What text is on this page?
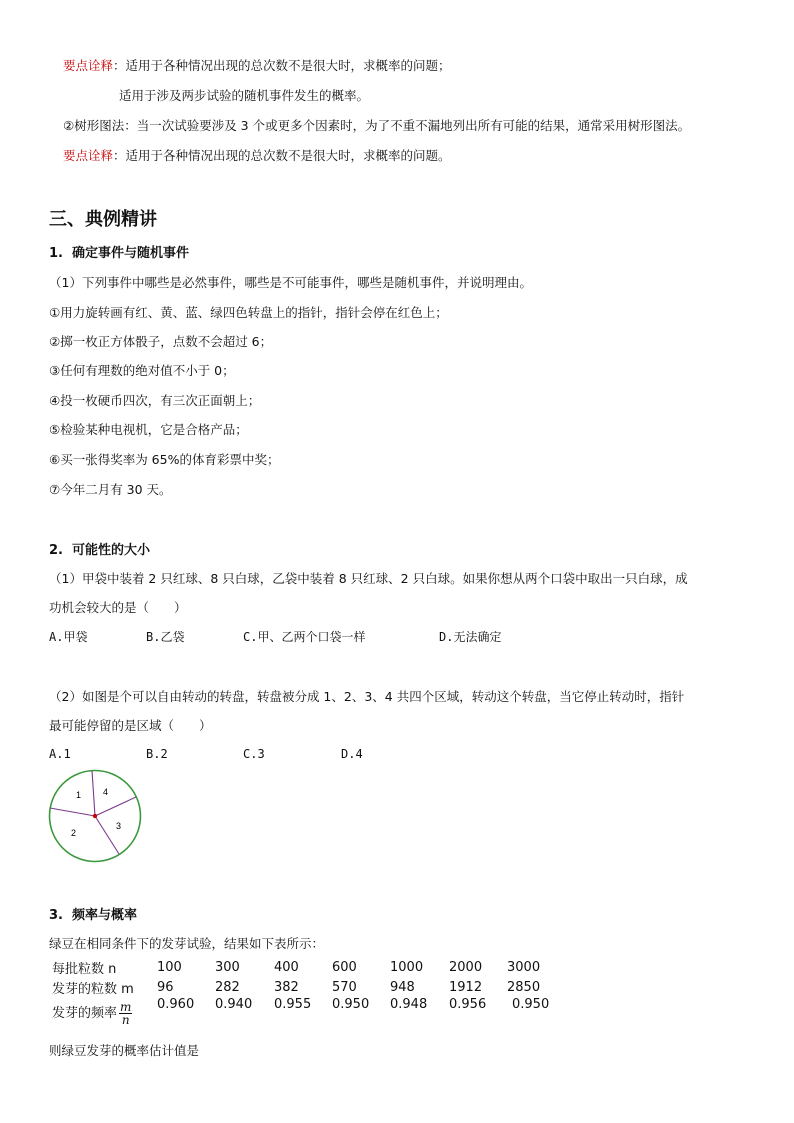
要点诠释：适用于各种情况出现的总次数不是很大时，求概率的问题；
适用于涉及两步试验的随机事件发生的概率。
②树形图法：当一次试验要涉及 3 个或更多个因素时，为了不重不漏地列出所有可能的结果，通常采用树形图法。
要点诠释：适用于各种情况出现的总次数不是很大时，求概率的问题。
三、典例精讲
1. 确定事件与随机事件
（1）下列事件中哪些是必然事件，哪些是不可能事件，哪些是随机事件，并说明理由。
①用力旋转画有红、黄、蓝、绿四色转盘上的指针，指针会停在红色上；
②掷一枚正方体骰子，点数不会超过 6；
③任何有理数的绝对值不小于 0；
④投一枚硬币四次，有三次正面朝上；
⑤检验某种电视机，它是合格产品；
⑥买一张得奖率为 65%的体育彩票中奖；
⑦今年二月有 30 天。
2. 可能性的大小
（1）甲袋中装着 2 只红球、8 只白球，乙袋中装着 8 只红球、2 只白球。如果你想从两个口袋中取出一只白球，成
功机会较大的是（　　）
A.甲袋	B.乙袋	C.甲、乙两个口袋一样	D.无法确定
（2）如图是个可以自由转动的转盘，转盘被分成 1、2、3、4 共四个区域，转动这个转盘，当它停止转动时，指针
最可能停留的是区域（　　）
A.1	B.2	C.3	D.4
1
2
3
4
3. 频率与概率
绿豆在相同条件下的发芽试验，结果如下表所示：
每批粒数 n	100	300	400	600	1000	2000	3000
发芽的粒数 m	96	282	382	570	948	1912	2850
发芽的频率 $\frac{m}{n}$	0.960	0.940	0.955	0.950	0.948	0.956	0.950
则绿豆发芽的概率估计值是
